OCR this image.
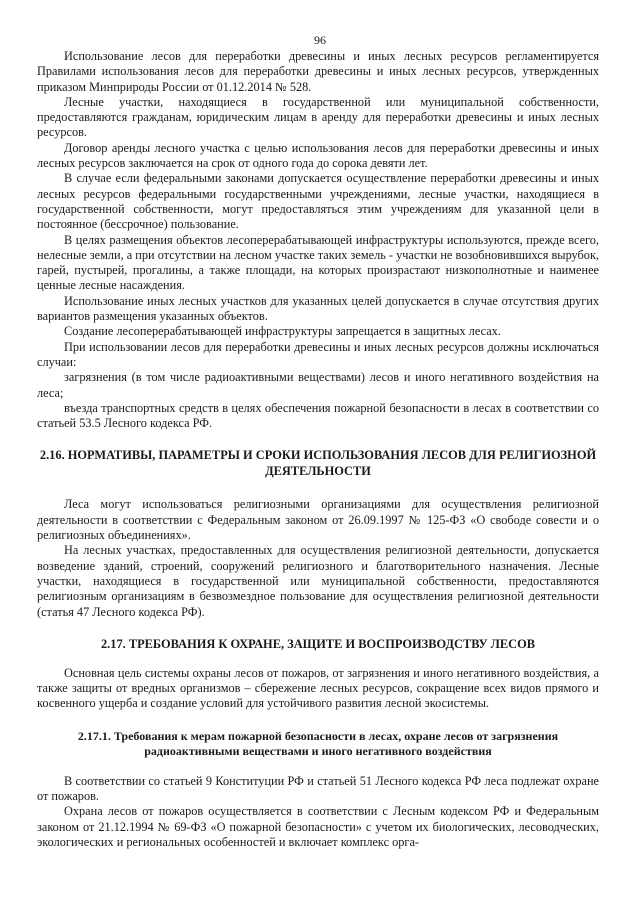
96

Использование лесов для переработки древесины и иных лесных ресурсов регламентируется Правилами использования лесов для переработки древесины и иных лесных ресурсов, утвержденных приказом Минприроды России от 01.12.2014 № 528.

Лесные участки, находящиеся в государственной или муниципальной собственности, предоставляются гражданам, юридическим лицам в аренду для переработки древесины и иных лесных ресурсов.

Договор аренды лесного участка с целью использования лесов для переработки древесины и иных лесных ресурсов заключается на срок от одного года до сорока девяти лет.

В случае если федеральными законами допускается осуществление переработки древесины и иных лесных ресурсов федеральными государственными учреждениями, лесные участки, находящиеся в государственной собственности, могут предоставляться этим учреждениям для указанной цели в постоянное (бессрочное) пользование.

В целях размещения объектов лесоперерабатывающей инфраструктуры используются, прежде всего, нелесные земли, а при отсутствии на лесном участке таких земель - участки не возобновившихся вырубок, гарей, пустырей, прогалины, а также площади, на которых произрастают низкополнотные и наименее ценные лесные насаждения.

Использование иных лесных участков для указанных целей допускается в случае отсутствия других вариантов размещения указанных объектов.

Создание лесоперерабатывающей инфраструктуры запрещается в защитных лесах.

При использовании лесов для переработки древесины и иных лесных ресурсов должны исключаться случаи:

загрязнения (в том числе радиоактивными веществами) лесов и иного негативного воздействия на леса;

въезда транспортных средств в целях обеспечения пожарной безопасности в лесах в соответствии со статьей 53.5 Лесного кодекса РФ.

2.16. НОРМАТИВЫ, ПАРАМЕТРЫ И СРОКИ ИСПОЛЬЗОВАНИЯ ЛЕСОВ ДЛЯ РЕЛИГИОЗНОЙ ДЕЯТЕЛЬНОСТИ

Леса могут использоваться религиозными организациями для осуществления религиозной деятельности в соответствии с Федеральным законом от 26.09.1997 № 125-ФЗ «О свободе совести и о религиозных объединениях».

На лесных участках, предоставленных для осуществления религиозной деятельности, допускается возведение зданий, строений, сооружений религиозного и благотворительного назначения. Лесные участки, находящиеся в государственной или муниципальной собственности, предоставляются религиозным организациям в безвозмездное пользование для осуществления религиозной деятельности (статья 47 Лесного кодекса РФ).

2.17. ТРЕБОВАНИЯ К ОХРАНЕ, ЗАЩИТЕ И ВОСПРОИЗВОДСТВУ ЛЕСОВ

Основная цель системы охраны лесов от пожаров, от загрязнения и иного негативного воздействия, а также защиты от вредных организмов – сбережение лесных ресурсов, сокращение всех видов прямого и косвенного ущерба и создание условий для устойчивого развития лесной экосистемы.

2.17.1. Требования к мерам пожарной безопасности в лесах, охране лесов от загрязнения радиоактивными веществами и иного негативного воздействия

В соответствии со статьей 9 Конституции РФ и статьей 51 Лесного кодекса РФ леса подлежат охране от пожаров.

Охрана лесов от пожаров осуществляется в соответствии с Лесным кодексом РФ и Федеральным законом от 21.12.1994 № 69-ФЗ «О пожарной безопасности» с учетом их биологических, лесоводческих, экологических и региональных особенностей и включает комплекс орга-
